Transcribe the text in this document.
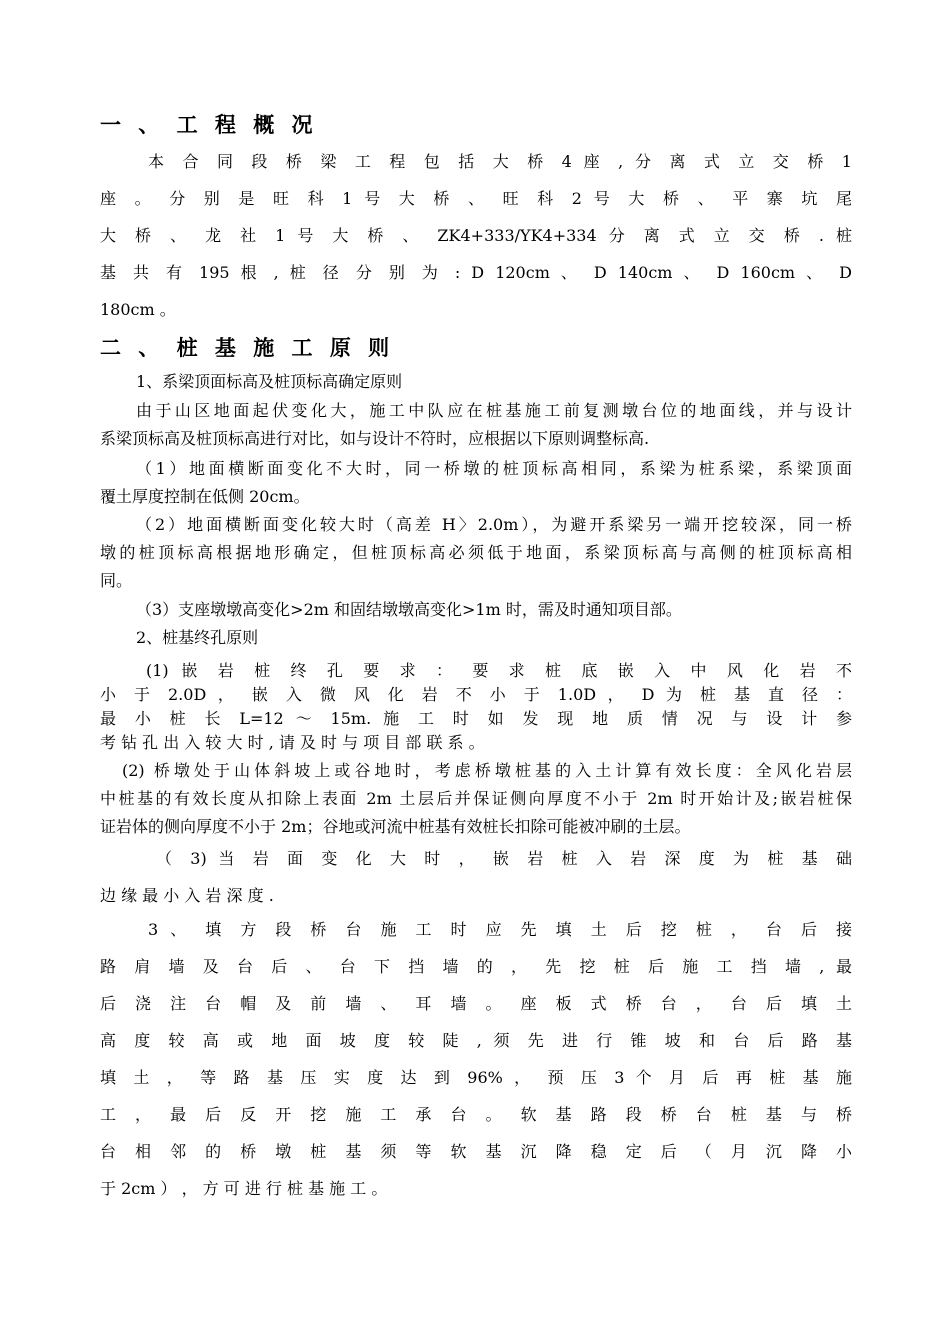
一 、 工 程 概 况
本 合 同 段 桥 梁 工 程 包 括 大 桥 4 座 , 分 离 式 立 交 桥 1
座 。 分 别 是 旺 科 1 号 大 桥 、 旺 科 2 号 大 桥 、 平 寨 坑 尾
大 桥 、 龙 社 1 号 大 桥 、 ZK4+333/YK4+334 分 离 式 立 交 桥 . 桩
基 共 有 195 根 , 桩 径 分 别 为 : D 120cm 、 D 140cm 、 D 160cm 、 D
180cm 。
二 、 桩 基 施 工 原 则
1、系梁顶面标高及桩顶标高确定原则
由于山区地面起伏变化大，施工中队应在桩基施工前复测墩台位的地面线，并与设计
系梁顶标高及桩顶标高进行对比，如与设计不符时，应根据以下原则调整标高.
（1）地面横断面变化不大时，同一桥墩的桩顶标高相同，系梁为桩系梁，系梁顶面
覆土厚度控制在低侧 20cm。
（2）地面横断面变化较大时（高差 H〉2.0m），为避开系梁另一端开挖较深，同一桥
墩的桩顶标高根据地形确定，但桩顶标高必须低于地面，系梁顶标高与高侧的桩顶标高相
同。
（3）支座墩墩高变化>2m 和固结墩墩高变化>1m 时，需及时通知项目部。
2、桩基终孔原则
(1) 嵌 岩 桩 终 孔 要 求 ： 要 求 桩 底 嵌 入 中 风 化 岩 不
小 于 2.0D ， 嵌 入 微 风 化 岩 不 小 于 1.0D ， D 为 桩 基 直 径 ：
最 小 桩 长 L=12 ～ 15m. 施 工 时 如 发 现 地 质 情 况 与 设 计 参
考 钻 孔 出 入 较 大 时 , 请 及 时 与 项 目 部 联 系 。
(2) 桥墩处于山体斜坡上或谷地时，考虑桥墩桩基的入土计算有效长度：全风化岩层
中桩基的有效长度从扣除上表面 2m 土层后并保证侧向厚度不小于 2m 时开始计及;嵌岩桩保
证岩体的侧向厚度不小于 2m；谷地或河流中桩基有效桩长扣除可能被冲刷的土层。
（ 3) 当 岩 面 变 化 大 时 ， 嵌 岩 桩 入 岩 深 度 为 桩 基 础
边 缘 最 小 入 岩 深 度 .
3 、 填 方 段 桥 台 施 工 时 应 先 填 土 后 挖 桩 ， 台 后 接
路 肩 墙 及 台 后 、 台 下 挡 墙 的 ， 先 挖 桩 后 施 工 挡 墙 , 最
后 浇 注 台 帽 及 前 墙 、 耳 墙 。 座 板 式 桥 台 ， 台 后 填 土
高 度 较 高 或 地 面 坡 度 较 陡 , 须 先 进 行 锥 坡 和 台 后 路 基
填 土 ， 等 路 基 压 实 度 达 到 96% ， 预 压 3 个 月 后 再 桩 基 施
工 ， 最 后 反 开 挖 施 工 承 台 。 软 基 路 段 桥 台 桩 基 与 桥
台 相 邻 的 桥 墩 桩 基 须 等 软 基 沉 降 稳 定 后 （ 月 沉 降 小
于 2cm ） ， 方 可 进 行 桩 基 施 工 。
